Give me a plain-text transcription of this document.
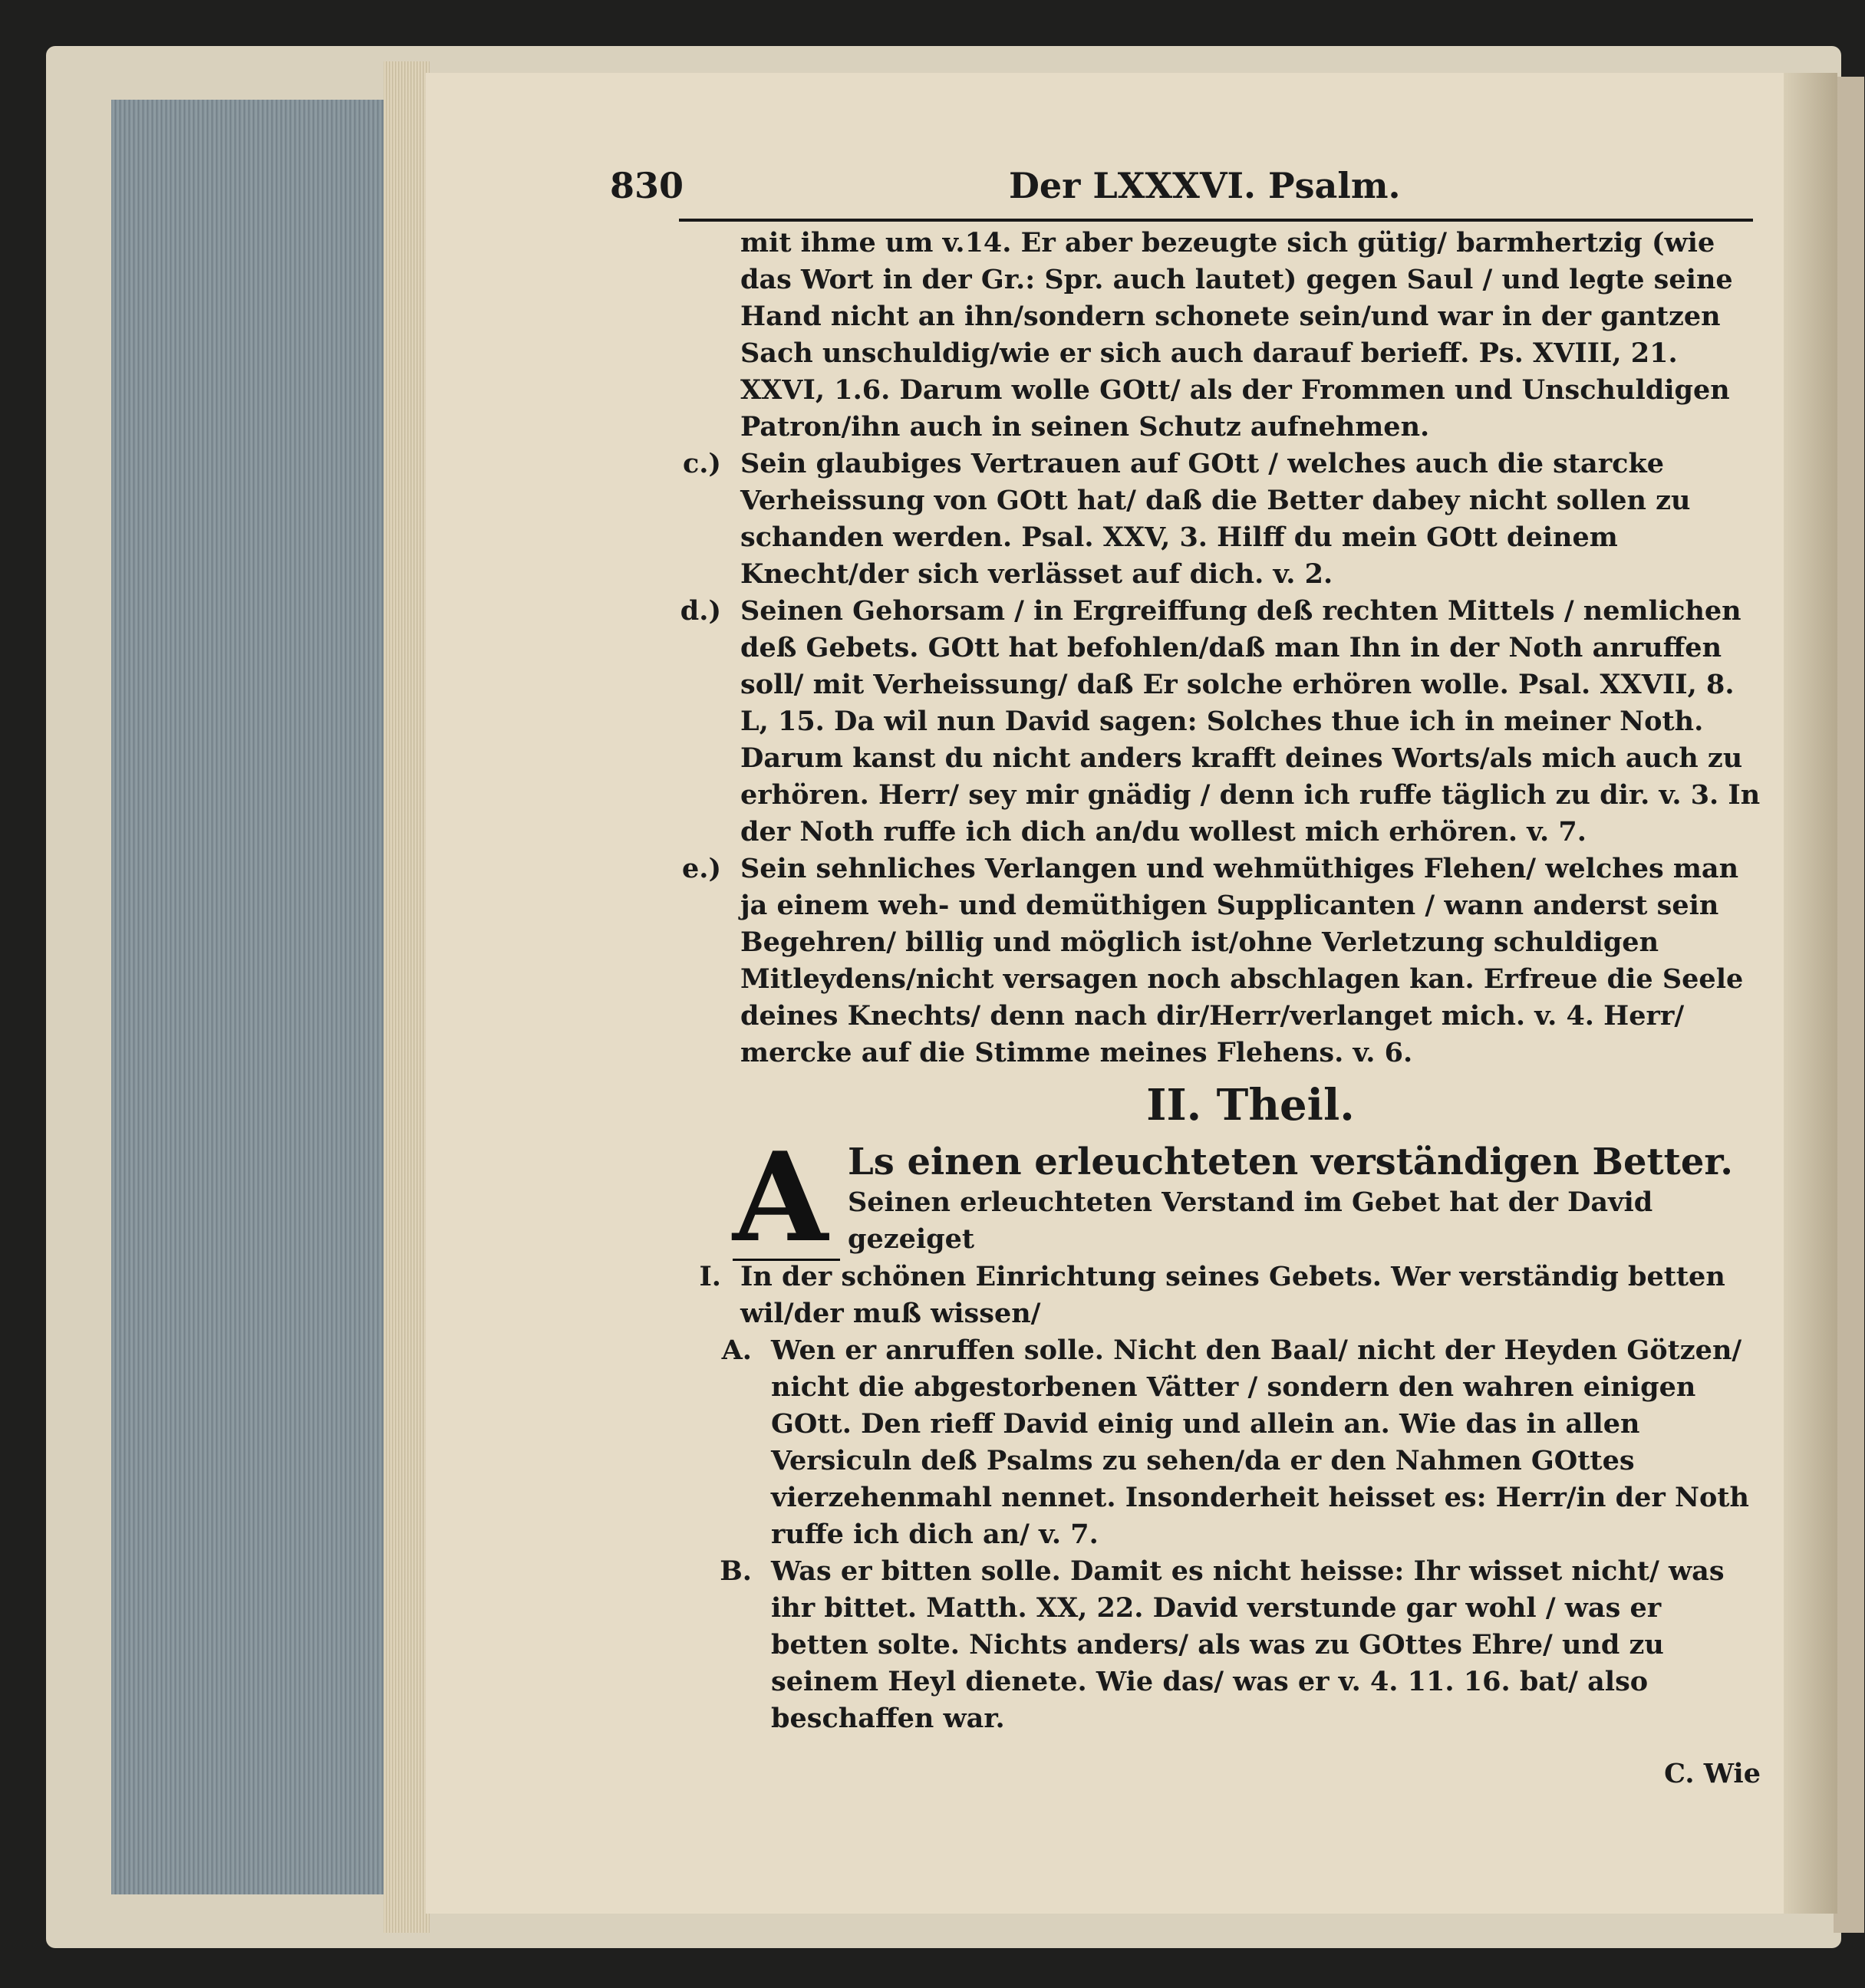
830	Der LXXXVI. Psalm.

mit ihme um v.14. Er aber bezeugte sich gütig/ barmhertzig (wie das Wort in der Gr.: Spr. auch lautet) gegen Saul / und legte seine Hand nicht an ihn/sondern schonete sein/und war in der gantzen Sach unschuldig/wie er sich auch darauf berieff. Ps. XVIII, 21. XXVI, 1.6. Darum wolle GOtt/ als der Frommen und Unschuldigen Patron/ihn auch in seinen Schutz aufnehmen.

c.) Sein glaubiges Vertrauen auf GOtt / welches auch die starcke Verheissung von GOtt hat/ daß die Better dabey nicht sollen zu schanden werden. Psal. XXV, 3. Hilff du mein GOtt deinem Knecht/der sich verlässet auf dich. v. 2.

d.) Seinen Gehorsam / in Ergreiffung deß rechten Mittels / nemlichen deß Gebets. GOtt hat befohlen/daß man Ihn in der Noth anruffen soll/ mit Verheissung/ daß Er solche erhören wolle. Psal. XXVII, 8. L, 15. Da wil nun David sagen: Solches thue ich in meiner Noth. Darum kanst du nicht anders krafft deines Worts/als mich auch zu erhören. Herr/ sey mir gnädig / denn ich ruffe täglich zu dir. v. 3. In der Noth ruffe ich dich an/du wollest mich erhören. v. 7.

e.) Sein sehnliches Verlangen und wehmüthiges Flehen/ welches man ja einem weh- und demüthigen Supplicanten / wann anderst sein Begehren/ billig und möglich ist/ohne Verletzung schuldigen Mitleydens/nicht versagen noch abschlagen kan. Erfreue die Seele deines Knechts/ denn nach dir/Herr/verlanget mich. v. 4. Herr/ mercke auf die Stimme meines Flehens. v. 6.

II. Theil.
A Ls einen erleuchteten verständigen Better. Seinen erleuchteten Verstand im Gebet hat der David gezeiget

I. In der schönen Einrichtung seines Gebets. Wer verständig betten wil/der muß wissen/

A. Wen er anruffen solle. Nicht den Baal/ nicht der Heyden Götzen/ nicht die abgestorbenen Vätter / sondern den wahren einigen GOtt. Den rieff David einig und allein an. Wie das in allen Versiculn deß Psalms zu sehen/da er den Nahmen GOttes vierzehenmahl nennet. Insonderheit heisset es: Herr/in der Noth ruffe ich dich an/ v. 7.

B. Was er bitten solle. Damit es nicht heisse: Ihr wisset nicht/ was ihr bittet. Matth. XX, 22. David verstunde gar wohl / was er betten solte. Nichts anders/ als was zu GOttes Ehre/ und zu seinem Heyl dienete. Wie das/ was er v. 4. 11. 16. bat/ also beschaffen war.

C. Wie
